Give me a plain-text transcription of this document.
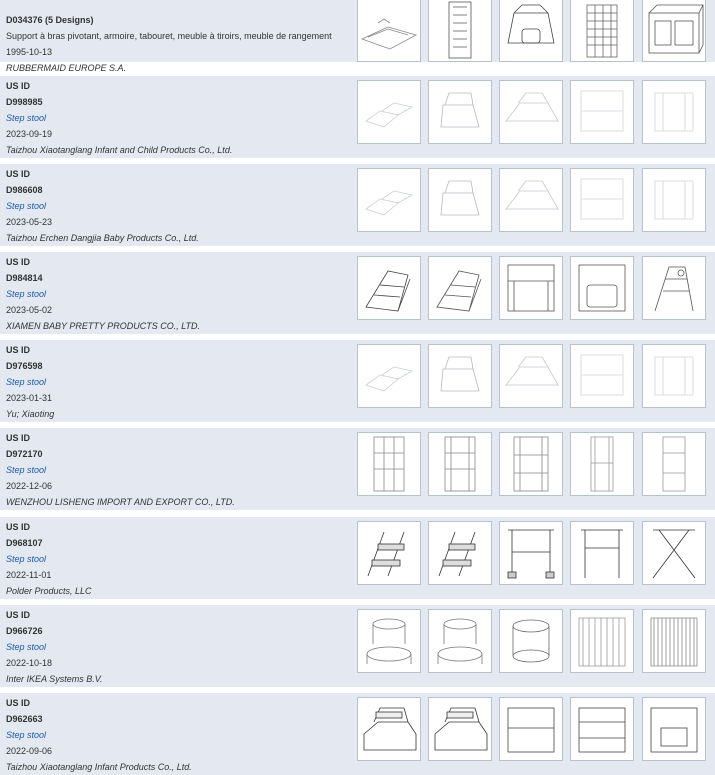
D034376 (5 Designs)
Support à bras pivotant, armoire, tabouret, meuble à tiroirs, meuble de rangement
1995-10-13
RUBBERMAID EUROPE S.A.
US ID
D998985
Step stool
2023-09-19
Taizhou Xiaotanglang Infant and Child Products Co., Ltd.
US ID
D986608
Step stool
2023-05-23
Taizhou Erchen Dangjia Baby Products Co., Ltd.
US ID
D984814
Step stool
2023-05-02
XIAMEN BABY PRETTY PRODUCTS CO., LTD.
US ID
D976598
Step stool
2023-01-31
Yu; Xiaoting
US ID
D972170
Step stool
2022-12-06
WENZHOU LISHENG IMPORT AND EXPORT CO., LTD.
US ID
D968107
Step stool
2022-11-01
Polder Products, LLC
US ID
D966726
Step stool
2022-10-18
Inter IKEA Systems B.V.
US ID
D962663
Step stool
2022-09-06
Taizhou Xiaotanglang Infant Products Co., Ltd.
